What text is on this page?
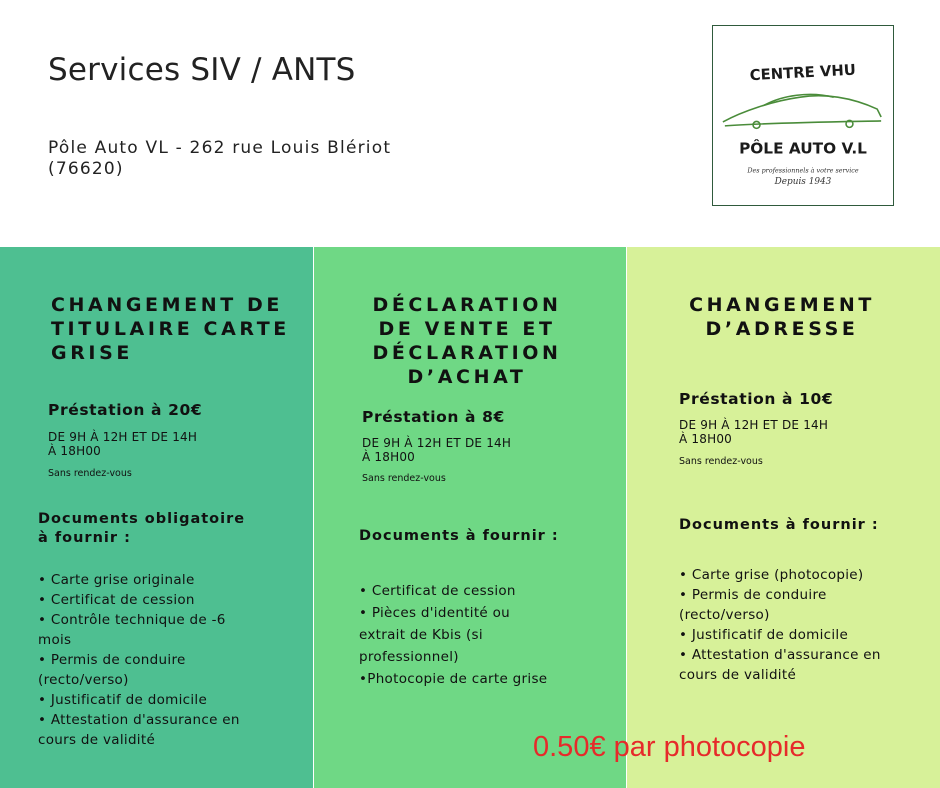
Services SIV / ANTS

Pôle Auto VL - 262 rue Louis Blériot (76620)

CENTRE VHU
PÔLE AUTO V.L
Des professionnels à votre service
Depuis 1943
CHANGEMENT DE TITULAIRE CARTE GRISE

Préstation à 20€

DE 9H À 12H ET DE 14H À 18H00

Sans rendez-vous

Documents obligatoire à fournir :

• Carte grise originale
• Certificat de cession
• Contrôle technique de -6 mois
• Permis de conduire (recto/verso)
• Justificatif de domicile
• Attestation d'assurance en cours de validité
DÉCLARATION DE VENTE ET DÉCLARATION D’ACHAT

Préstation à 8€

DE 9H À 12H ET DE 14H À 18H00

Sans rendez-vous

Documents à fournir :

• Certificat de cession
• Pièces d'identité ou extrait de Kbis (si professionnel)
•Photocopie de carte grise
CHANGEMENT D’ADRESSE

Préstation à 10€

DE 9H À 12H ET DE 14H À 18H00

Sans rendez-vous

Documents à fournir :

• Carte grise (photocopie)
• Permis de conduire (recto/verso)
• Justificatif de domicile
• Attestation d'assurance en cours de validité

0.50€ par photocopie
